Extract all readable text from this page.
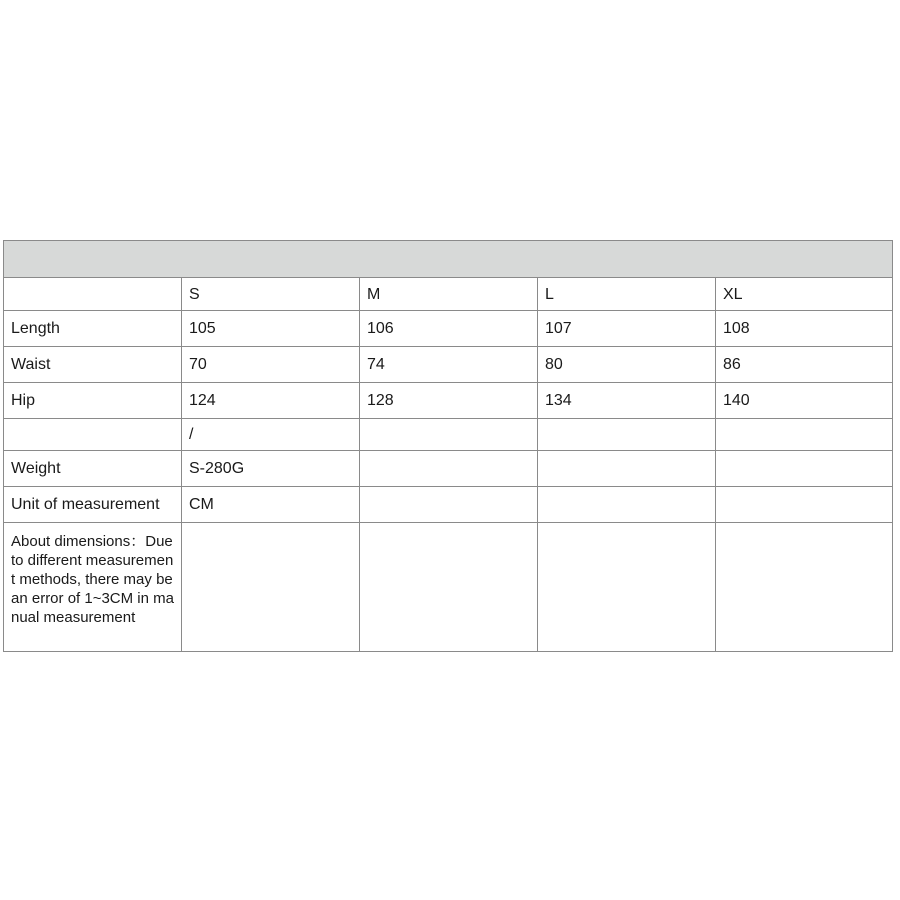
	S	M	L	XL
Length	105	106	107	108
Waist	70	74	80	86
Hip	124	128	134	140
	/			
Weight	S-280G			
Unit of measurement	CM			

About dimensions：Due to different measurement methods, there may be an error of 1~3CM in manual measurement				
